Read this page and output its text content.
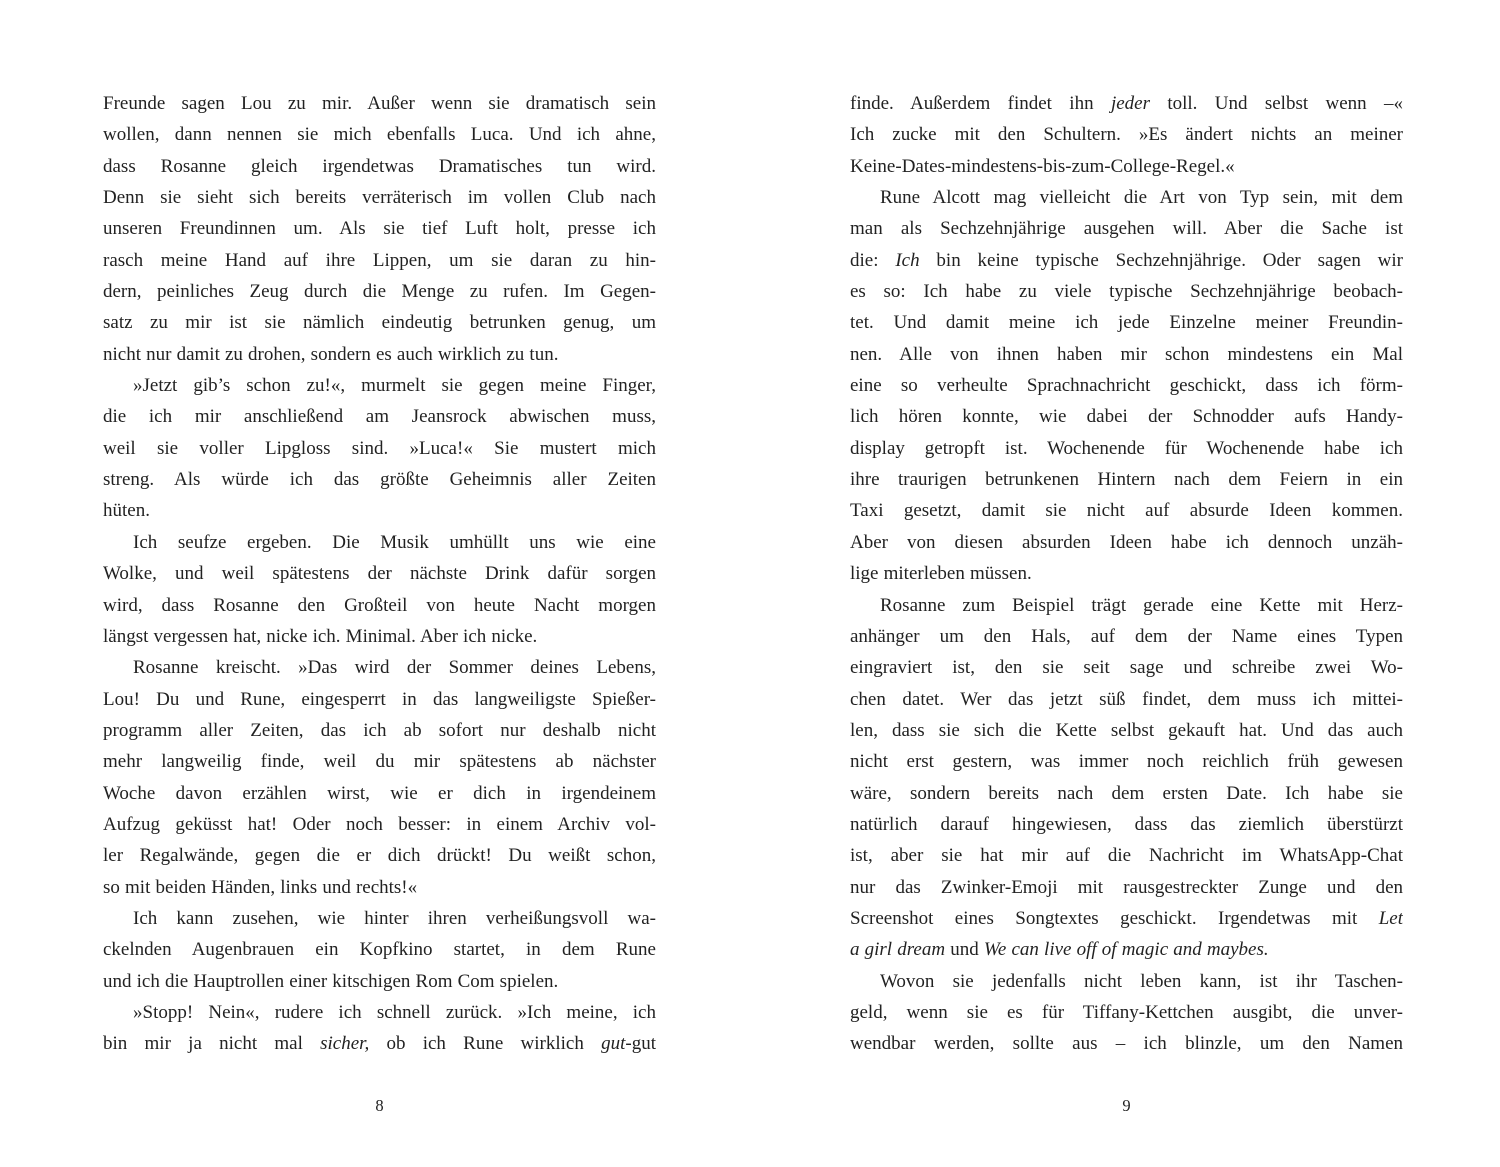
Freunde sagen Lou zu mir. Außer wenn sie dramatisch sein
wollen, dann nennen sie mich ebenfalls Luca. Und ich ahne,
dass Rosanne gleich irgendetwas Dramatisches tun wird.
Denn sie sieht sich bereits verräterisch im vollen Club nach
unseren Freundinnen um. Als sie tief Luft holt, presse ich
rasch meine Hand auf ihre Lippen, um sie daran zu hin-
dern, peinliches Zeug durch die Menge zu rufen. Im Gegen-
satz zu mir ist sie nämlich eindeutig betrunken genug, um
nicht nur damit zu drohen, sondern es auch wirklich zu tun.
»Jetzt gib’s schon zu!«, murmelt sie gegen meine Finger,
die ich mir anschließend am Jeansrock abwischen muss,
weil sie voller Lipgloss sind. »Luca!« Sie mustert mich
streng. Als würde ich das größte Geheimnis aller Zeiten
hüten.
Ich seufze ergeben. Die Musik umhüllt uns wie eine
Wolke, und weil spätestens der nächste Drink dafür sorgen
wird, dass Rosanne den Großteil von heute Nacht morgen
längst vergessen hat, nicke ich. Minimal. Aber ich nicke.
Rosanne kreischt. »Das wird der Sommer deines Lebens,
Lou! Du und Rune, eingesperrt in das langweiligste Spießer-
programm aller Zeiten, das ich ab sofort nur deshalb nicht
mehr langweilig finde, weil du mir spätestens ab nächster
Woche davon erzählen wirst, wie er dich in irgendeinem
Aufzug geküsst hat! Oder noch besser: in einem Archiv vol-
ler Regalwände, gegen die er dich drückt! Du weißt schon,
so mit beiden Händen, links und rechts!«
Ich kann zusehen, wie hinter ihren verheißungsvoll wa-
ckelnden Augenbrauen ein Kopfkino startet, in dem Rune
und ich die Hauptrollen einer kitschigen Rom Com spielen.
»Stopp! Nein«, rudere ich schnell zurück. »Ich meine, ich
bin mir ja nicht mal sicher, ob ich Rune wirklich gut-gut
finde. Außerdem findet ihn jeder toll. Und selbst wenn –«
Ich zucke mit den Schultern. »Es ändert nichts an meiner
Keine-Dates-mindestens-bis-zum-College-Regel.«
Rune Alcott mag vielleicht die Art von Typ sein, mit dem
man als Sechzehnjährige ausgehen will. Aber die Sache ist
die: Ich bin keine typische Sechzehnjährige. Oder sagen wir
es so: Ich habe zu viele typische Sechzehnjährige beobach-
tet. Und damit meine ich jede Einzelne meiner Freundin-
nen. Alle von ihnen haben mir schon mindestens ein Mal
eine so verheulte Sprachnachricht geschickt, dass ich förm-
lich hören konnte, wie dabei der Schnodder aufs Handy-
display getropft ist. Wochenende für Wochenende habe ich
ihre traurigen betrunkenen Hintern nach dem Feiern in ein
Taxi gesetzt, damit sie nicht auf absurde Ideen kommen.
Aber von diesen absurden Ideen habe ich dennoch unzäh-
lige miterleben müssen.
Rosanne zum Beispiel trägt gerade eine Kette mit Herz-
anhänger um den Hals, auf dem der Name eines Typen
eingraviert ist, den sie seit sage und schreibe zwei Wo-
chen datet. Wer das jetzt süß findet, dem muss ich mittei-
len, dass sie sich die Kette selbst gekauft hat. Und das auch
nicht erst gestern, was immer noch reichlich früh gewesen
wäre, sondern bereits nach dem ersten Date. Ich habe sie
natürlich darauf hingewiesen, dass das ziemlich überstürzt
ist, aber sie hat mir auf die Nachricht im WhatsApp-Chat
nur das Zwinker-Emoji mit rausgestreckter Zunge und den
Screenshot eines Songtextes geschickt. Irgendetwas mit Let
a girl dream und We can live off of magic and maybes.
Wovon sie jedenfalls nicht leben kann, ist ihr Taschen-
geld, wenn sie es für Tiffany-Kettchen ausgibt, die unver-
wendbar werden, sollte aus – ich blinzle, um den Namen
8	9
